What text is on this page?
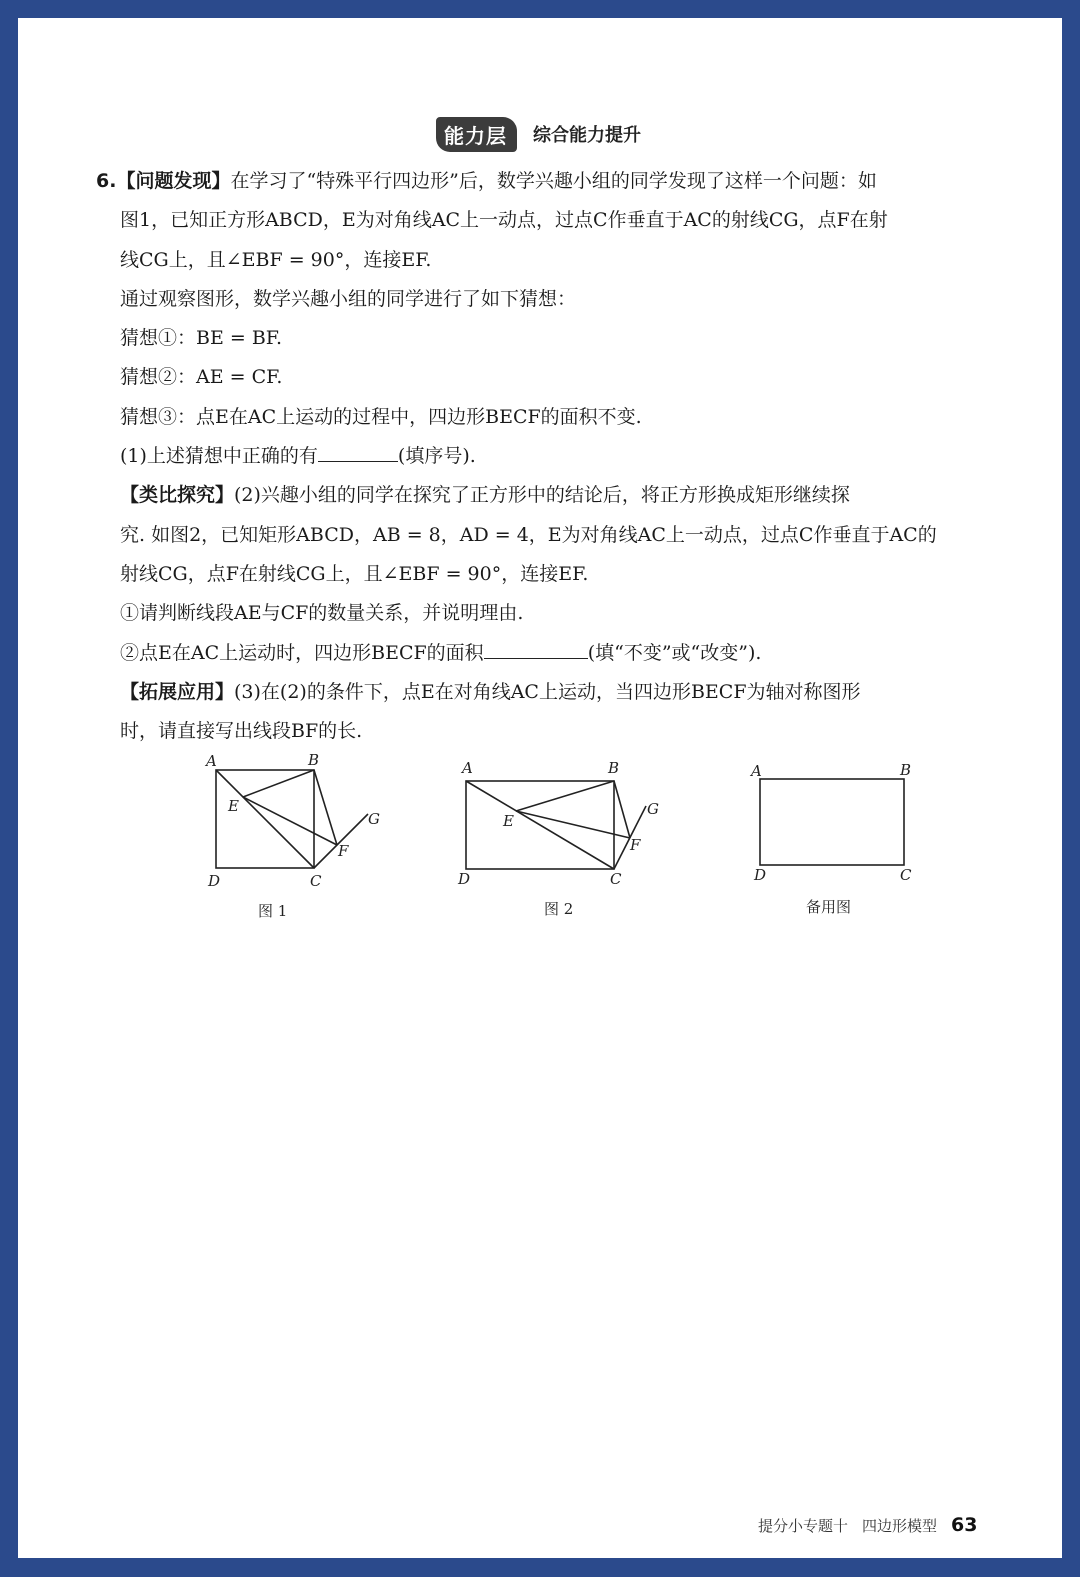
能力层	综合能力提升
6.【问题发现】在学习了“特殊平行四边形”后，数学兴趣小组的同学发现了这样一个问题：如
图1，已知正方形ABCD，E为对角线AC上一动点，过点C作垂直于AC的射线CG，点F在射
线CG上，且∠EBF = 90°，连接EF.
通过观察图形，数学兴趣小组的同学进行了如下猜想：
猜想①：BE = BF.
猜想②：AE = CF.
猜想③：点E在AC上运动的过程中，四边形BECF的面积不变.
(1)上述猜想中正确的有	(填序号).
【类比探究】(2)兴趣小组的同学在探究了正方形中的结论后，将正方形换成矩形继续探
究. 如图2，已知矩形ABCD，AB = 8，AD = 4，E为对角线AC上一动点，过点C作垂直于AC的
射线CG，点F在射线CG上，且∠EBF = 90°，连接EF.
①请判断线段AE与CF的数量关系，并说明理由.
②点E在AC上运动时，四边形BECF的面积	(填“不变”或“改变”).
【拓展应用】(3)在(2)的条件下，点E在对角线AC上运动，当四边形BECF为轴对称图形
时，请直接写出线段BF的长.
A	B
C
D
E
F
G
图 1
A	B
C
D
E
F
G
图 2
A	B
C
D
备用图
提分小专题十 四边形模型 63
